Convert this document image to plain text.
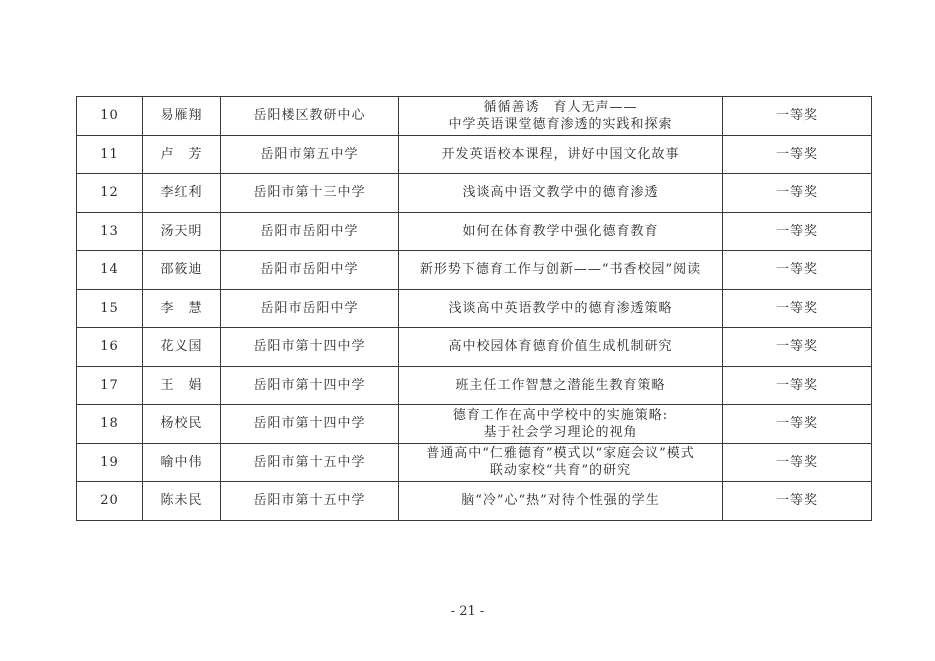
10	易雁翔	岳阳楼区教研中心	循循善诱　育人无声——
中学英语课堂德育渗透的实践和探索	一等奖
11	卢　芳	岳阳市第五中学	开发英语校本课程，讲好中国文化故事	一等奖
12	李红利	岳阳市第十三中学	浅谈高中语文教学中的德育渗透	一等奖
13	汤天明	岳阳市岳阳中学	如何在体育教学中强化德育教育	一等奖
14	邵筱迪	岳阳市岳阳中学	新形势下德育工作与创新——“书香校园”阅读	一等奖
15	李　慧	岳阳市岳阳中学	浅谈高中英语教学中的德育渗透策略	一等奖
16	花义国	岳阳市第十四中学	高中校园体育德育价值生成机制研究	一等奖
17	王　娟	岳阳市第十四中学	班主任工作智慧之潜能生教育策略	一等奖
18	杨校民	岳阳市第十四中学	德育工作在高中学校中的实施策略:
基于社会学习理论的视角	一等奖
19	喻中伟	岳阳市第十五中学	普通高中“仁雅德育”模式以“家庭会议”模式
联动家校“共育”的研究	一等奖
20	陈未民	岳阳市第十五中学	脑“冷”心“热”对待个性强的学生	一等奖
- 21 -
